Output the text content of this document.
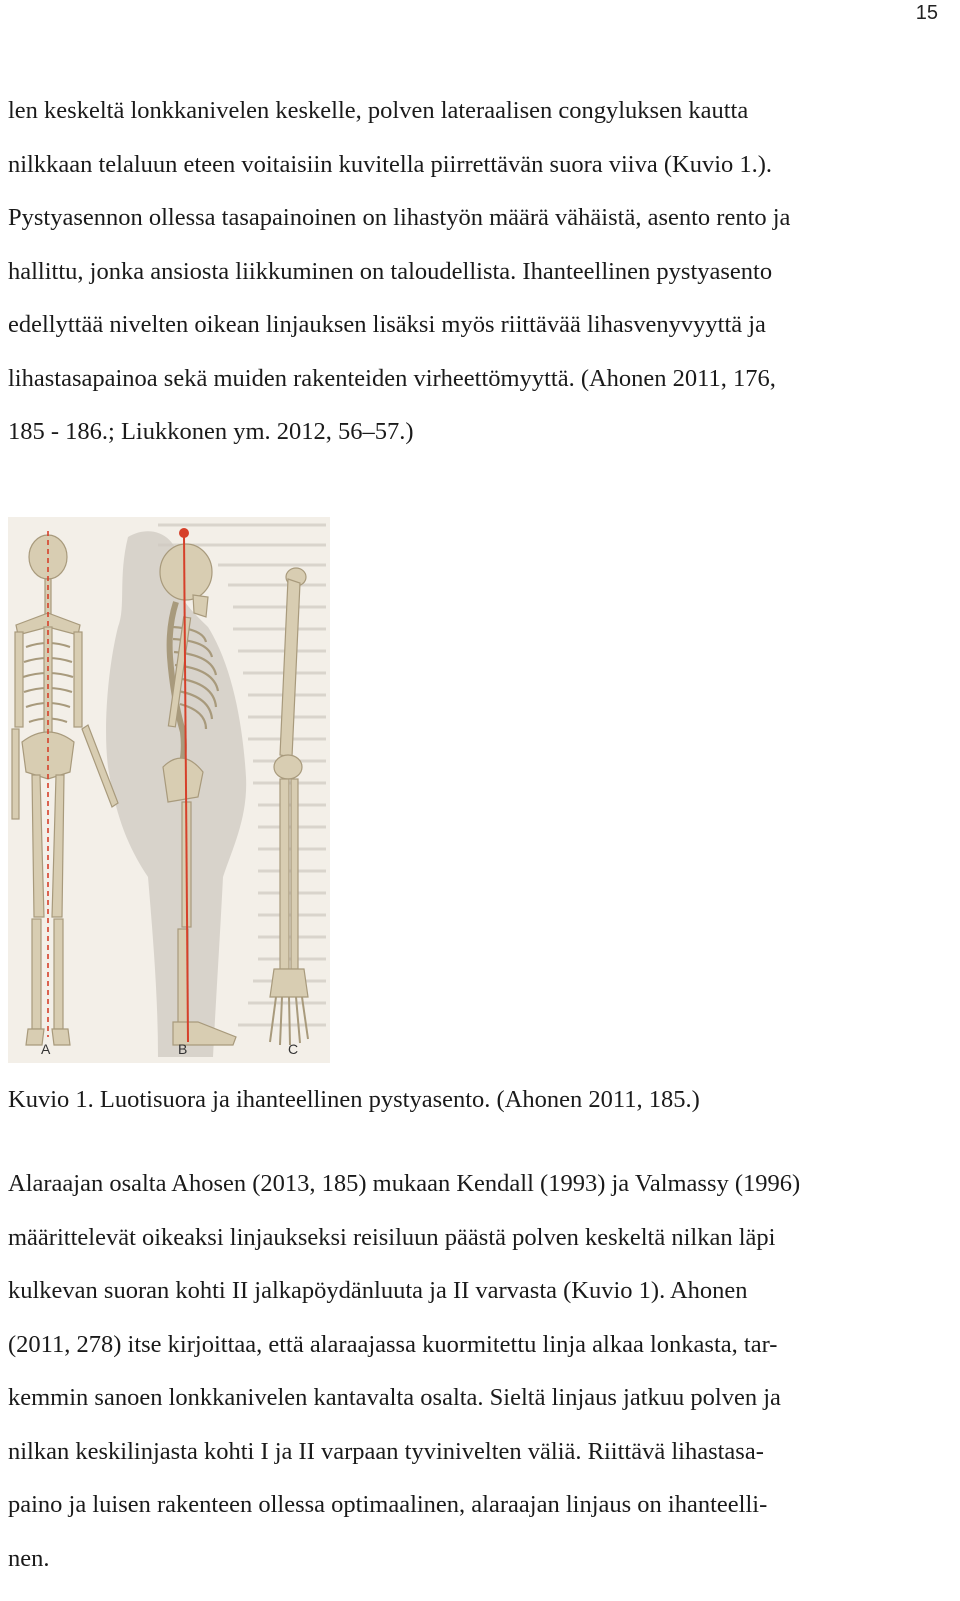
15

len keskeltä lonkkanivelen keskelle, polven lateraalisen congyluksen kautta
nilkkaan telaluun eteen voitaisiin kuvitella piirrettävän suora viiva (Kuvio 1.).
Pystyasennon ollessa tasapainoinen on lihastyön määrä vähäistä, asento rento ja
hallittu, jonka ansiosta liikkuminen on taloudellista. Ihanteellinen pystyasento
edellyttää nivelten oikean linjauksen lisäksi myös riittävää lihasvenyvyyttä ja
lihastasapainoa sekä muiden rakenteiden virheettömyyttä. (Ahonen 2011, 176,
185 - 186.; Liukkonen ym. 2012, 56–57.)

A	B	C

Kuvio 1. Luotisuora ja ihanteellinen pystyasento. (Ahonen 2011, 185.)

Alaraajan osalta Ahosen (2013, 185) mukaan Kendall (1993) ja Valmassy (1996)
määrittelevät oikeaksi linjaukseksi reisiluun päästä polven keskeltä nilkan läpi
kulkevan suoran kohti II jalkapöydänluuta ja II varvasta (Kuvio 1). Ahonen
(2011, 278) itse kirjoittaa, että alaraajassa kuormitettu linja alkaa lonkasta, tar-
kemmin sanoen lonkkanivelen kantavalta osalta. Sieltä linjaus jatkuu polven ja
nilkan keskilinjasta kohti I ja II varpaan tyvinivelten väliä. Riittävä lihastasa-
paino ja luisen rakenteen ollessa optimaalinen, alaraajan linjaus on ihanteelli-
nen.
